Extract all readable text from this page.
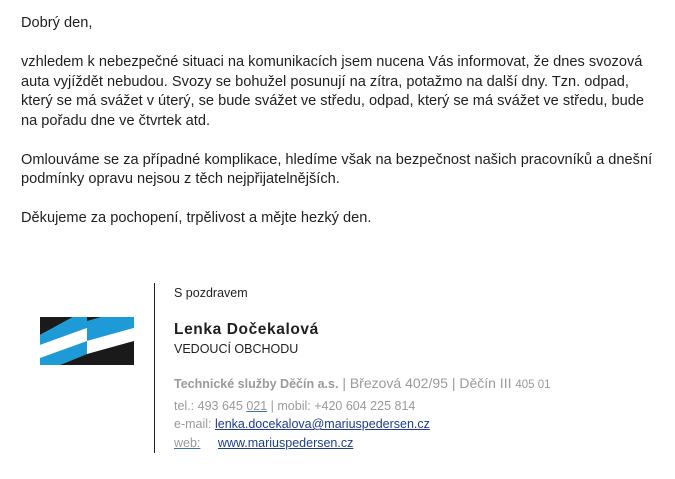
Dobrý den,

vzhledem k nebezpečné situaci na komunikacích jsem nucena Vás informovat, že dnes svozová auta vyjíždět nebudou. Svozy se bohužel posunují na zítra, potažmo na další dny. Tzn. odpad, který se má svážet v úterý, se bude svážet ve středu, odpad, který se má svážet ve středu, bude na pořadu dne ve čtvrtek atd.

Omlouváme se za případné komplikace, hledíme však na bezpečnost našich pracovníků a dnešní podmínky opravu nejsou z těch nejpřijatelnějších.

Děkujeme za pochopení, trpělivost a mějte hezký den.

S pozdravem
Lenka Dočekalová
VEDOUCÍ OBCHODU
Technické služby Děčín a.s. | Březová 402/95 | Děčín III 405 01
tel.: 493 645 021 | mobil: +420 604 225 814
e-mail: lenka.docekalova@mariuspedersen.cz
web: www.mariuspedersen.cz
